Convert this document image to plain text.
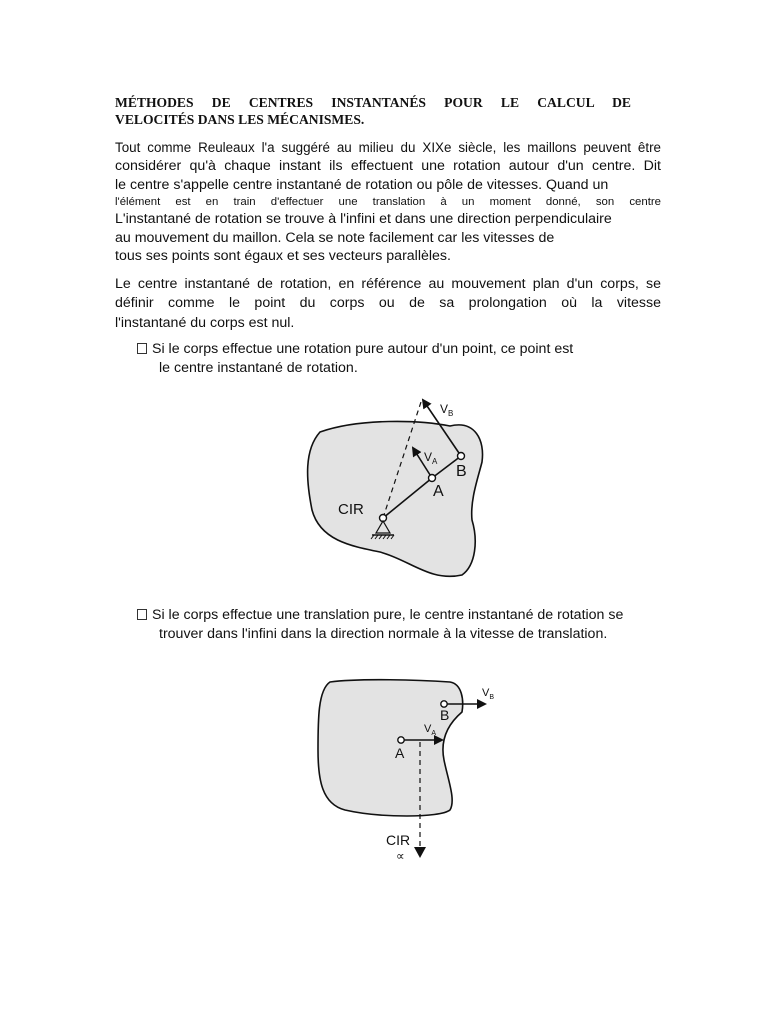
MÉTHODES DE CENTRES INSTANTANÉS POUR LE CALCUL DE
VELOCITÉS DANS LES MÉCANISMES.
Tout comme Reuleaux l'a suggéré au milieu du XIXe siècle, les maillons peuvent être
considérer qu'à chaque instant ils effectuent une rotation autour d'un centre. Dit
le centre s'appelle centre instantané de rotation ou pôle de vitesses. Quand un
l'élément est en train d'effectuer une translation à un moment donné, son centre
L'instantané de rotation se trouve à l'infini et dans une direction perpendiculaire
au mouvement du maillon. Cela se note facilement car les vitesses de
tous ses points sont égaux et ses vecteurs parallèles.
Le centre instantané de rotation, en référence au mouvement plan d'un corps, se
définir comme le point du corps ou de sa prolongation où la vitesse
l'instantané du corps est nul.
Si le corps effectue une rotation pure autour d'un point, ce point est
le centre instantané de rotation.
CIR
A
B
$V_A$
$V_B$
Si le corps effectue une translation pure, le centre instantané de rotation se
trouver dans l'infini dans la direction normale à la vitesse de translation.
A
B
$V_A$
$V_B$
CIR
∝
